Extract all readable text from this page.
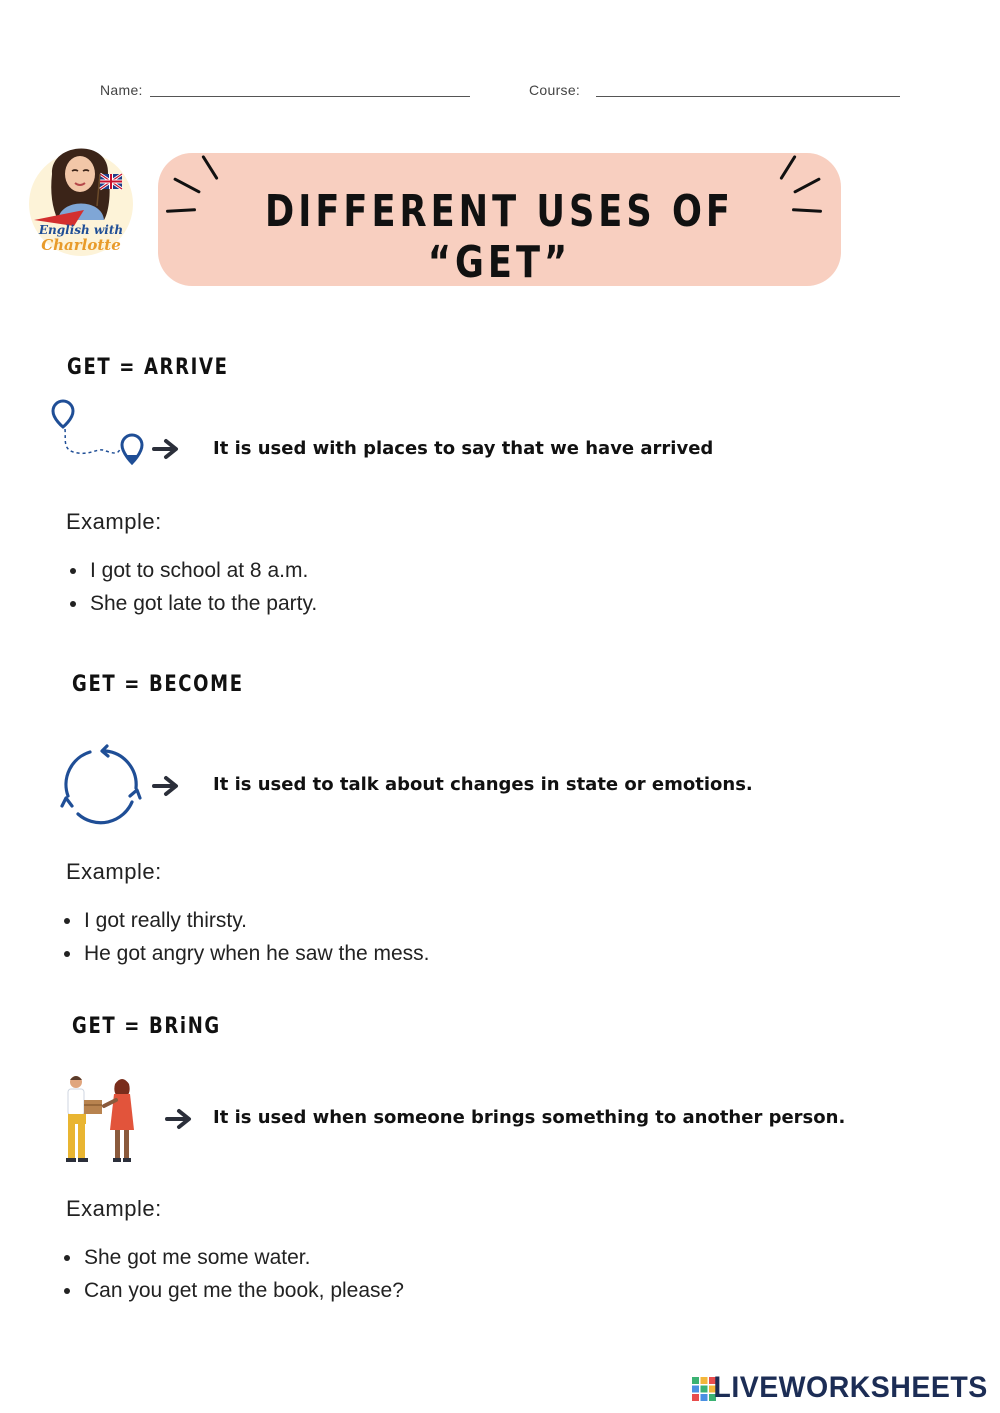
Name:	Course:
English with
Charlotte
DIFFERENT USES OF “GET”
GET = ARRIVE
It is used with places to say that we have arrived
Example:
I got to school at 8 a.m.
She got late to the party.
GET = BECOME
It is used to talk about changes in state or emotions.
Example:
I got really thirsty.
He got angry when he saw the mess.
GET = BRiNG
It is used when someone brings something to another person.
Example:
She got me some water.
Can you get me the book, please?
LIVEWORKSHEETS
